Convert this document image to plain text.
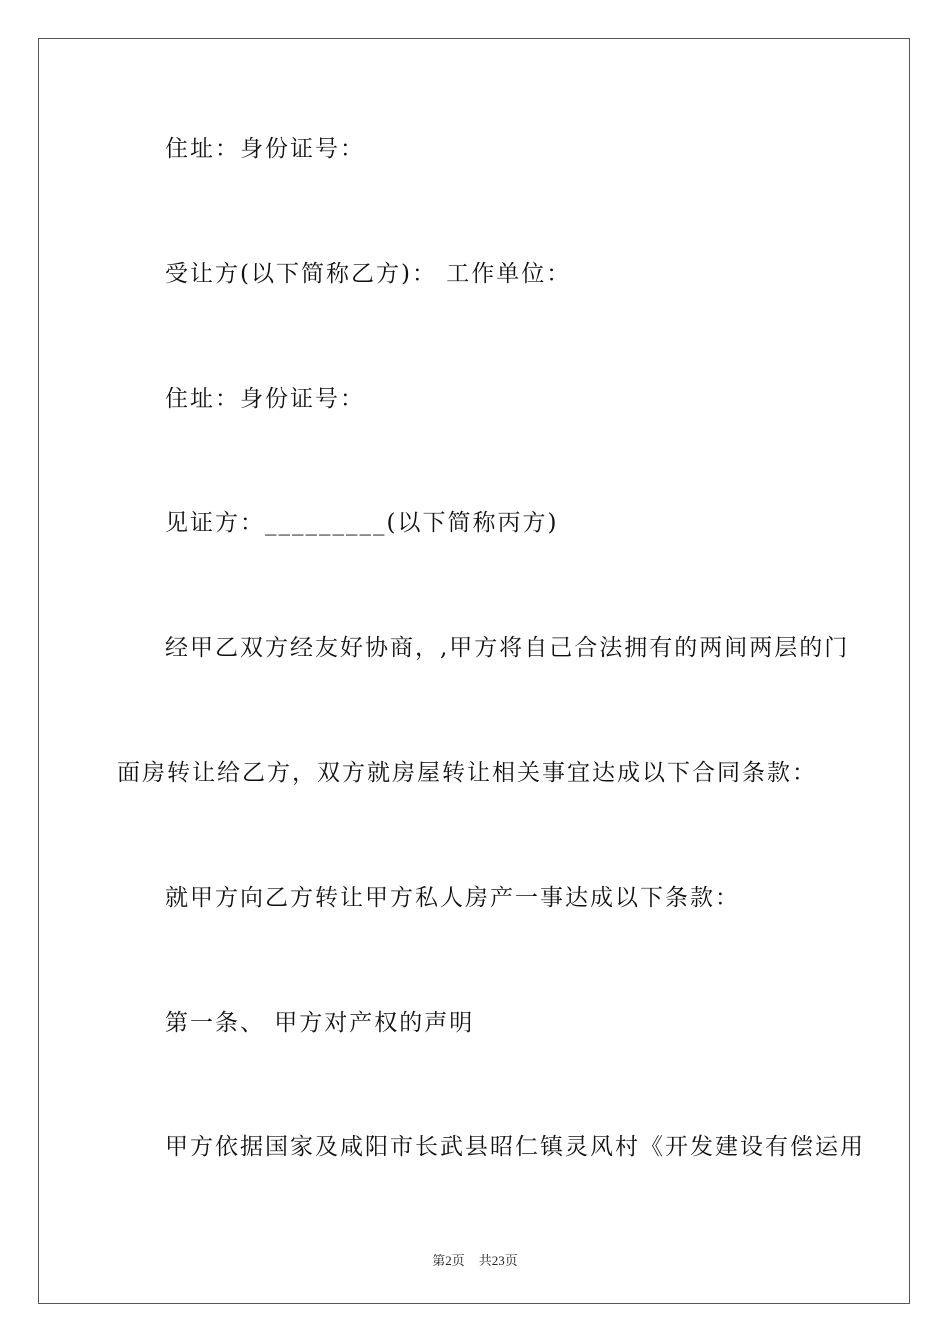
住址：身份证号：
受让方(以下简称乙方)： 工作单位：
住址：身份证号：
见证方：_________(以下简称丙方)
经甲乙双方经友好协商，,甲方将自己合法拥有的两间两层的门
面房转让给乙方，双方就房屋转让相关事宜达成以下合同条款：
就甲方向乙方转让甲方私人房产一事达成以下条款：
第一条、 甲方对产权的声明
甲方依据国家及咸阳市长武县昭仁镇灵风村《开发建设有偿运用
第2页 共23页
